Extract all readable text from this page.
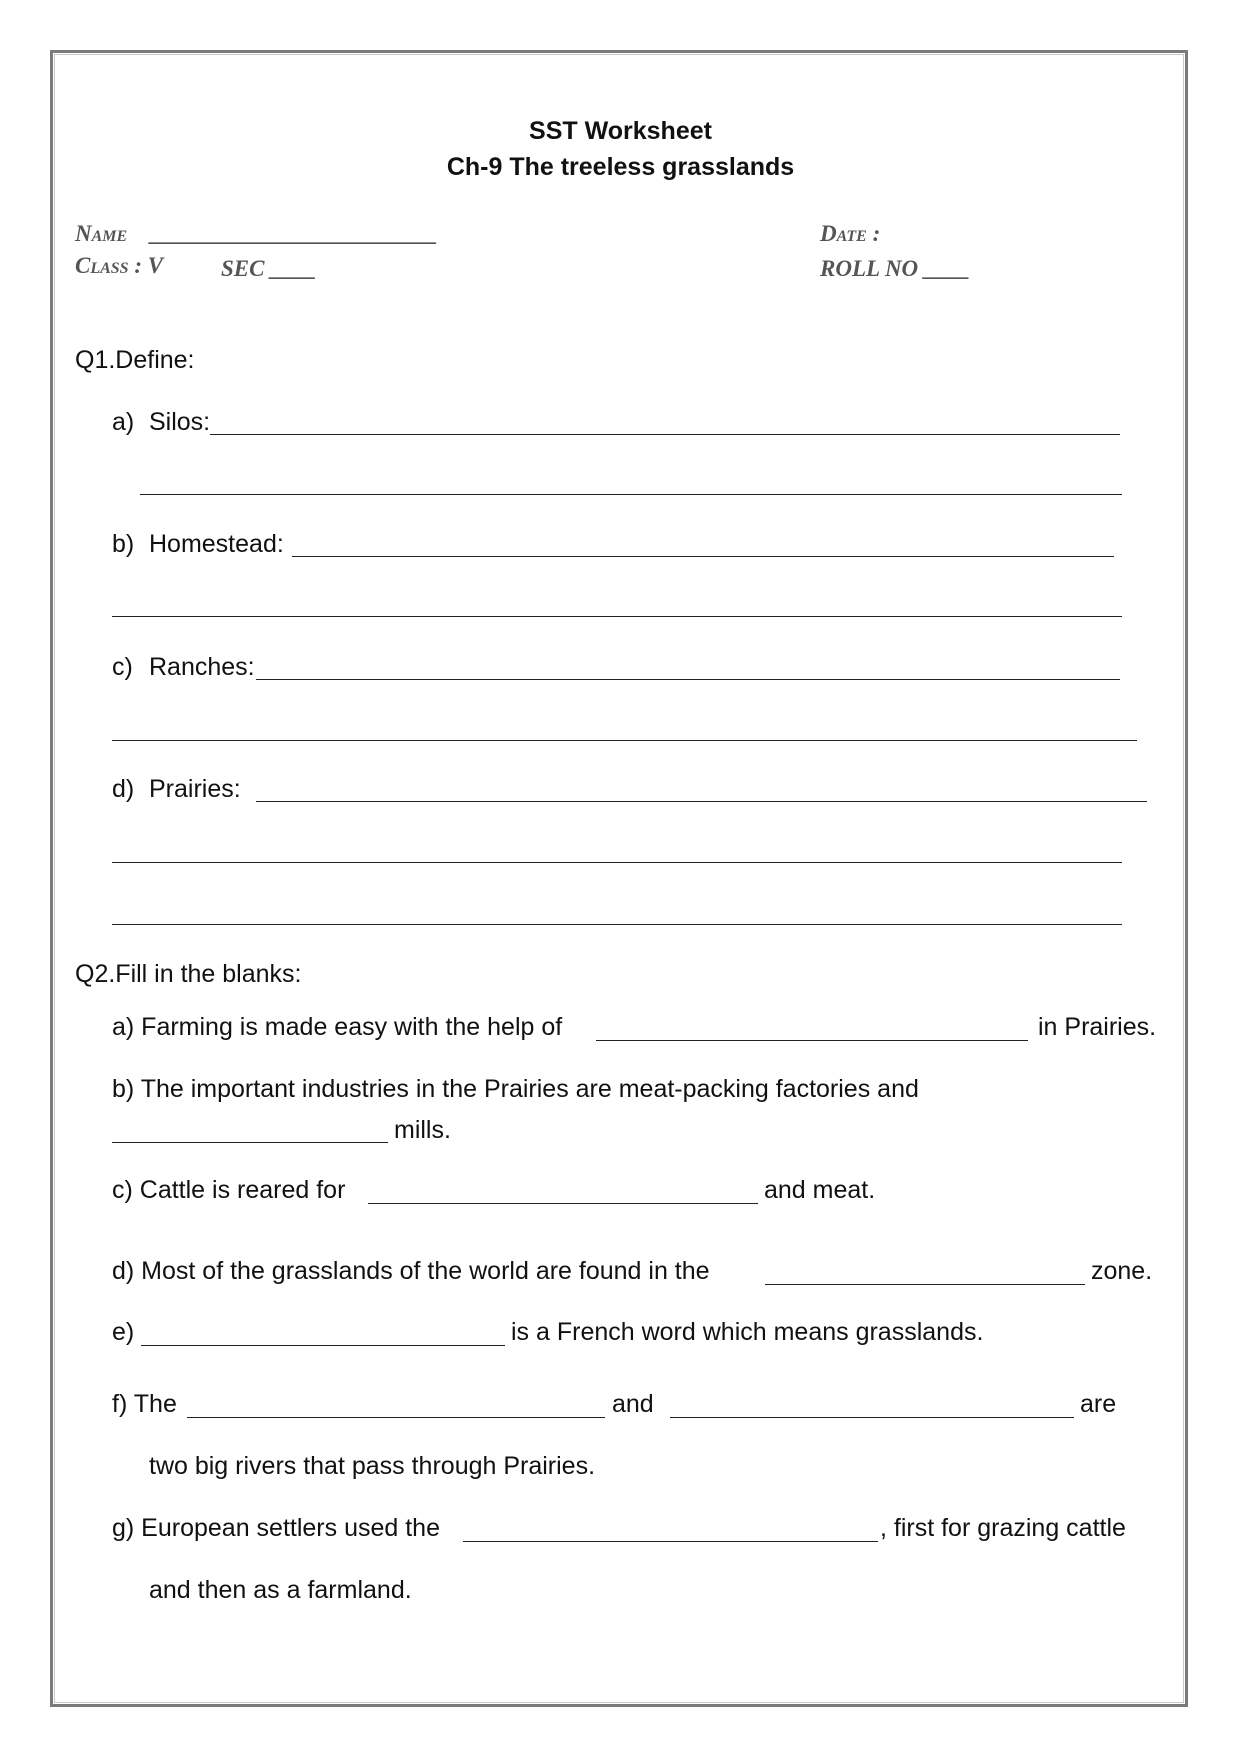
SST Worksheet
Ch-9 The treeless grasslands
Name _________________________	Date :
Class : V	SEC ____	ROLL NO ____
Q1.Define:
a) Silos:
b) Homestead:
c) Ranches:
d) Prairies:
Q2.Fill in the blanks:
a) Farming is made easy with the help of	in Prairies.
b) The important industries in the Prairies are meat-packing factories and
mills.
c) Cattle is reared for	and meat.
d) Most of the grasslands of the world are found in the	zone.
e)	is a French word which means grasslands.
f) The	and	are
two big rivers that pass through Prairies.
g) European settlers used the	, first for grazing cattle
and then as a farmland.
